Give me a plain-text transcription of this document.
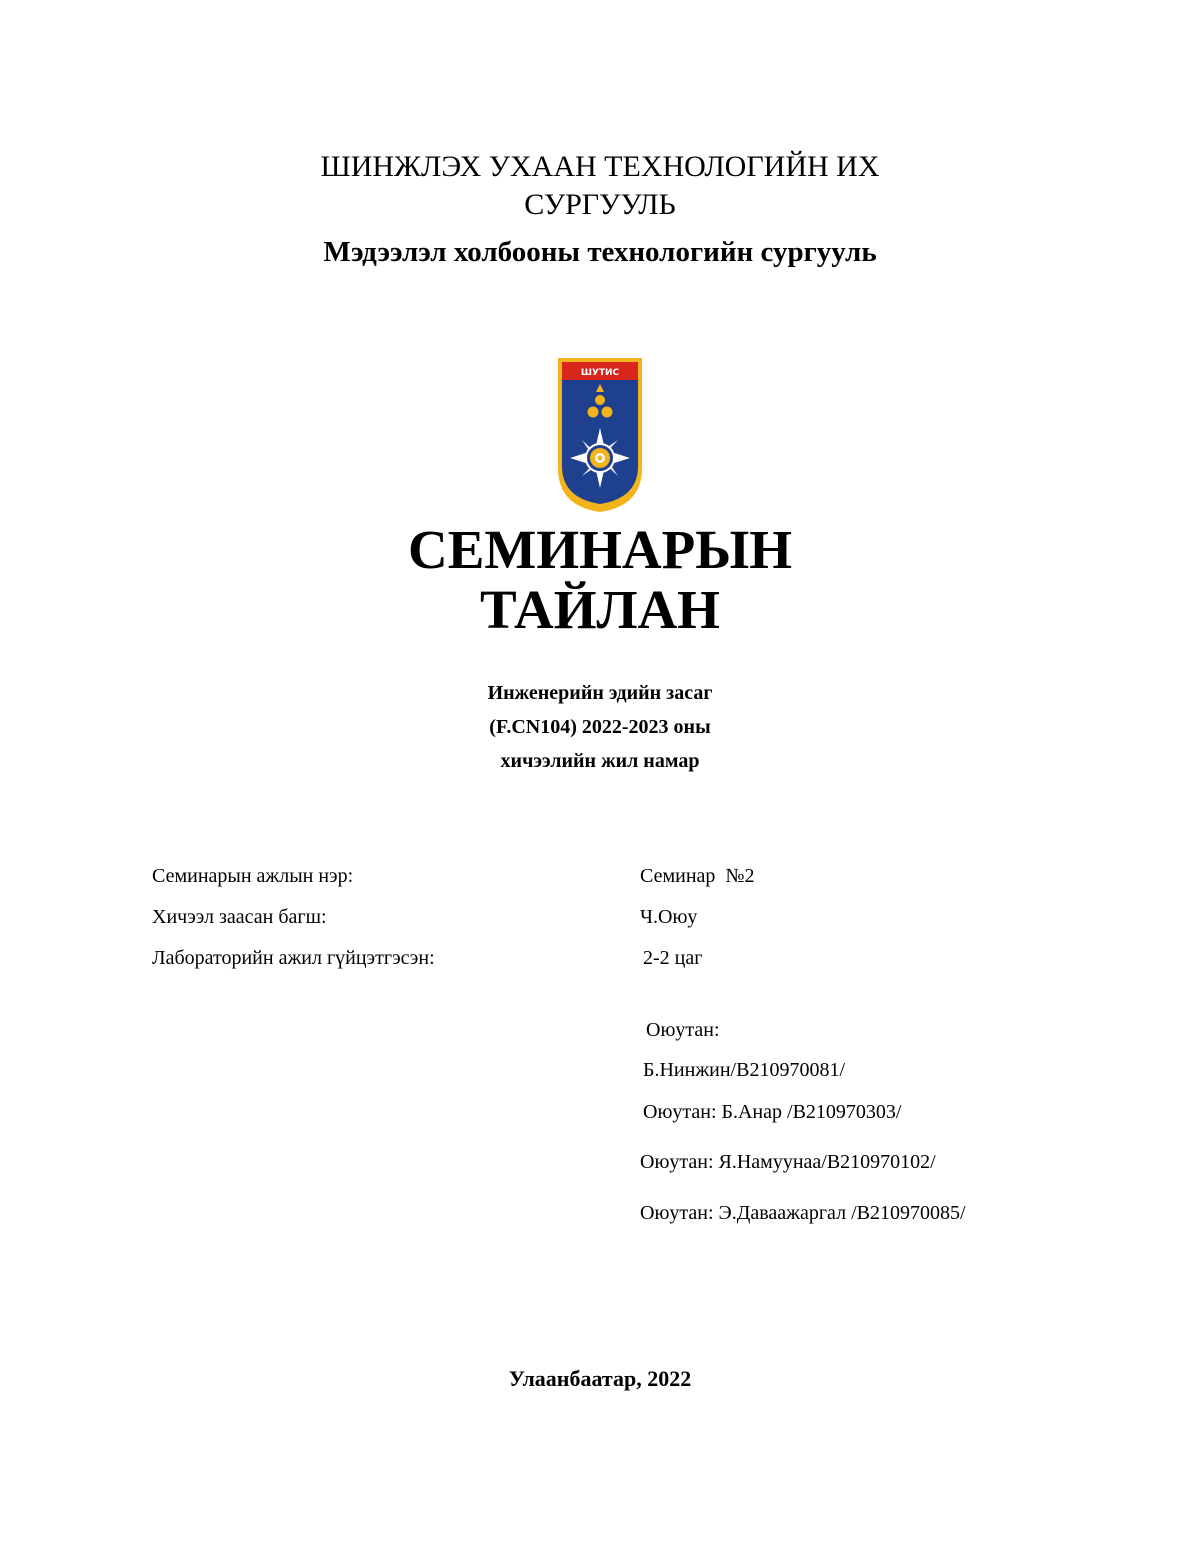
ШИНЖЛЭХ УХААН ТЕХНОЛОГИЙН ИХ
СУРГУУЛЬ
Мэдээлэл холбооны технологийн сургууль
ШУТИС
СЕМИНАРЫН
ТАЙЛАН
Инженерийн эдийн засаг
(F.CN104) 2022-2023 оны
хичээлийн жил намар
Семинарын ажлын нэр:	Семинар  №2
Хичээл заасан багш:	Ч.Оюу
Лабораторийн ажил гүйцэтгэсэн:	2-2 цаг
Оюутан:
Б.Нинжин/B210970081/
Оюутан: Б.Анар /B210970303/
Оюутан: Я.Намуунаа/B210970102/
Оюутан: Э.Даваажаргал /B210970085/
Улаанбаатар, 2022
